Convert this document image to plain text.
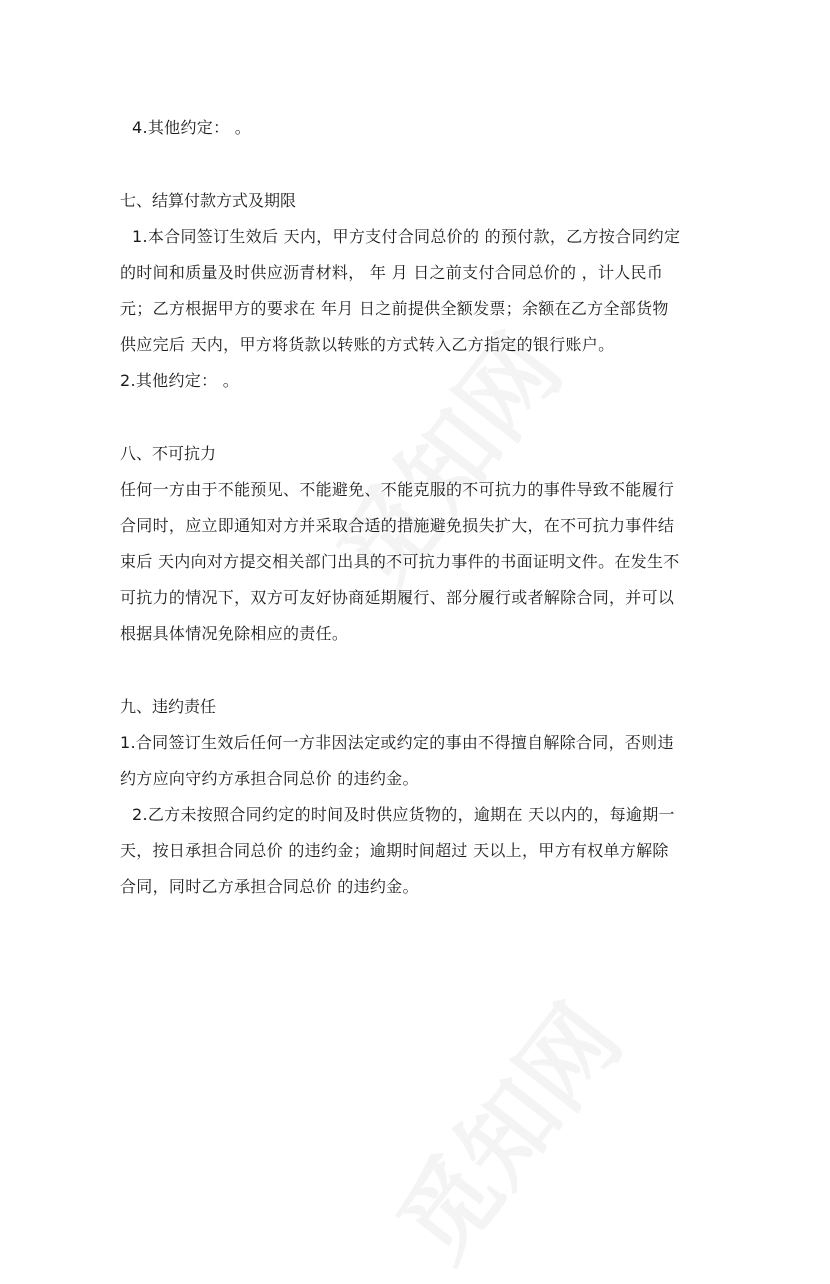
4.其他约定： 。
七、结算付款方式及期限
1.本合同签订生效后 天内，甲方支付合同总价的 的预付款，乙方按合同约定
的时间和质量及时供应沥青材料， 年 月 日之前支付合同总价的 ，计人民币
元；乙方根据甲方的要求在 年月 日之前提供全额发票；余额在乙方全部货物
供应完后 天内，甲方将货款以转账的方式转入乙方指定的银行账户。
2.其他约定： 。
八、不可抗力
任何一方由于不能预见、不能避免、不能克服的不可抗力的事件导致不能履行
合同时，应立即通知对方并采取合适的措施避免损失扩大，在不可抗力事件结
束后 天内向对方提交相关部门出具的不可抗力事件的书面证明文件。在发生不
可抗力的情况下，双方可友好协商延期履行、部分履行或者解除合同，并可以
根据具体情况免除相应的责任。
九、违约责任
1.合同签订生效后任何一方非因法定或约定的事由不得擅自解除合同，否则违
约方应向守约方承担合同总价 的违约金。
2.乙方未按照合同约定的时间及时供应货物的，逾期在 天以内的，每逾期一
天，按日承担合同总价 的违约金；逾期时间超过 天以上，甲方有权单方解除
合同，同时乙方承担合同总价 的违约金。
